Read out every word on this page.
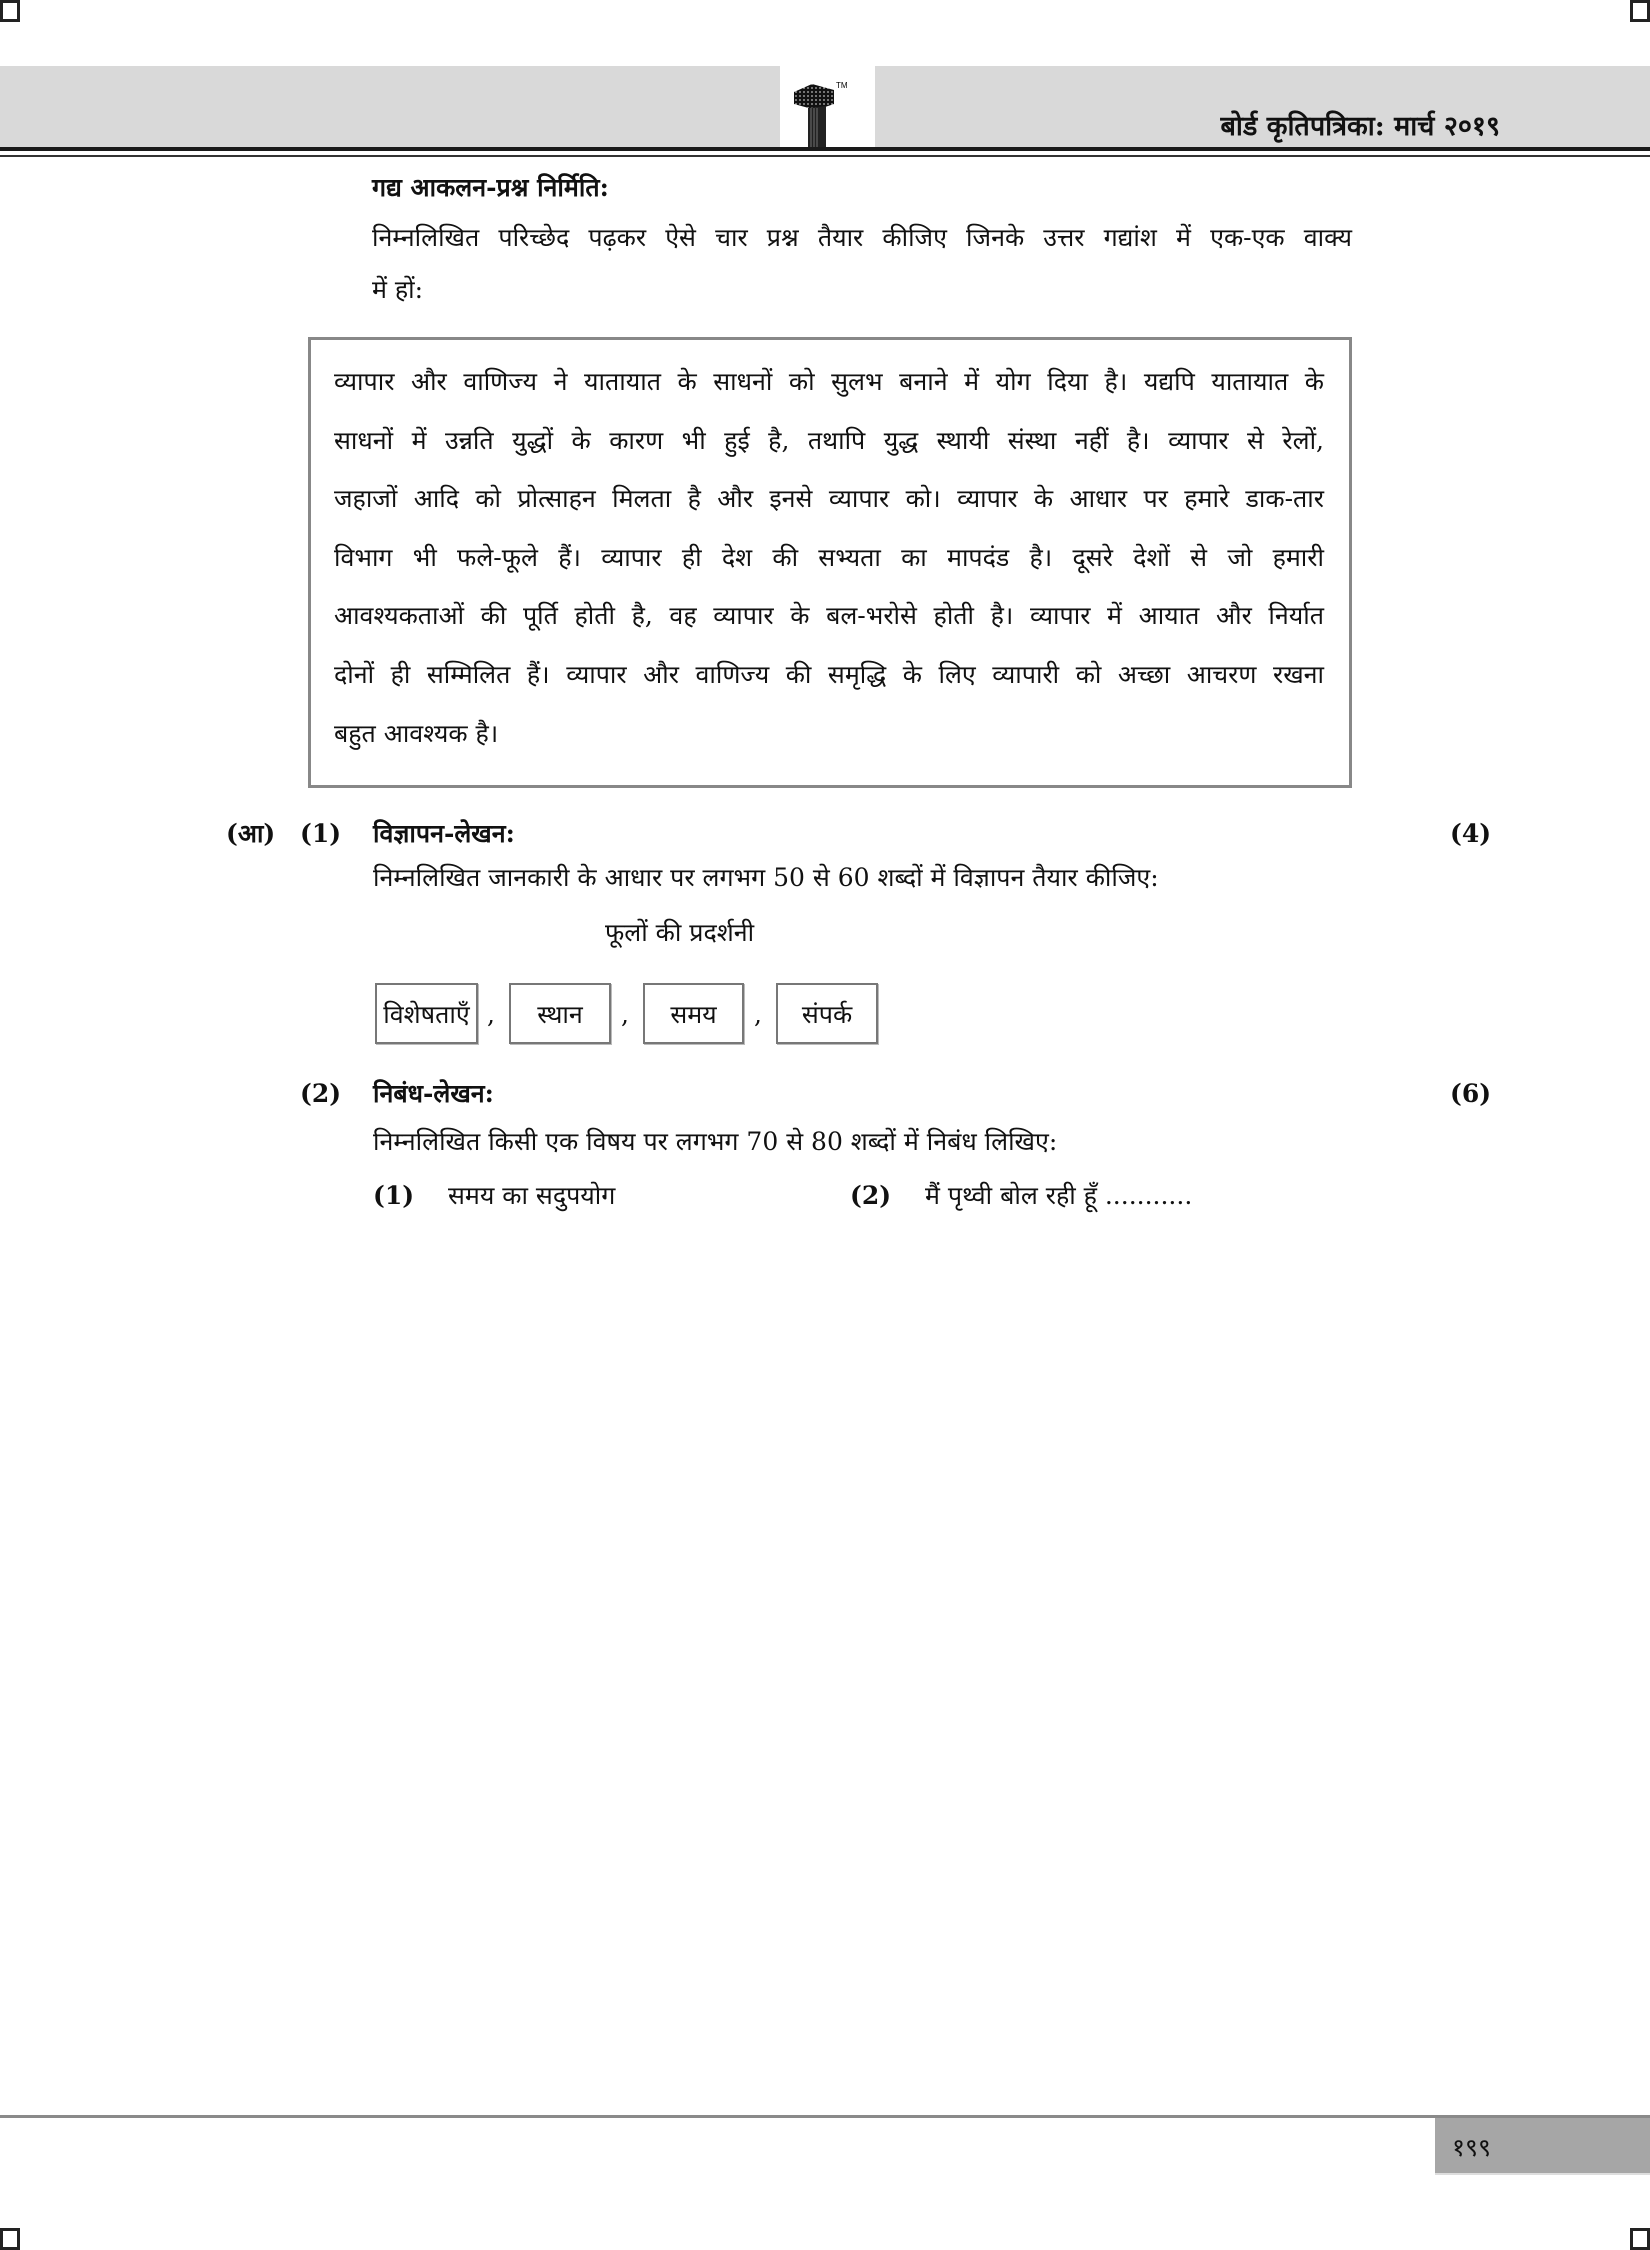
TM
बोर्ड कृतिपत्रिका: मार्च २०१९
गद्य आकलन-प्रश्न निर्मिति:
निम्नलिखित परिच्छेद पढ़कर ऐसे चार प्रश्न तैयार कीजिए जिनके उत्तर गद्यांश में एक-एक वाक्य
में हों:
व्यापार और वाणिज्य ने यातायात के साधनों को सुलभ बनाने में योग दिया है। यद्यपि यातायात के
साधनों में उन्नति युद्धों के कारण भी हुई है, तथापि युद्ध स्थायी संस्था नहीं है। व्यापार से रेलों,
जहाजों आदि को प्रोत्साहन मिलता है और इनसे व्यापार को। व्यापार के आधार पर हमारे डाक-तार
विभाग भी फले-फूले हैं। व्यापार ही देश की सभ्यता का मापदंड है। दूसरे देशों से जो हमारी
आवश्यकताओं की पूर्ति होती है, वह व्यापार के बल-भरोसे होती है। व्यापार में आयात और निर्यात
दोनों ही सम्मिलित हैं। व्यापार और वाणिज्य की समृद्धि के लिए व्यापारी को अच्छा आचरण रखना
बहुत आवश्यक है।
(आ) (1) विज्ञापन-लेखन:	(4)
निम्नलिखित जानकारी के आधार पर लगभग 50 से 60 शब्दों में विज्ञापन तैयार कीजिए:
फूलों की प्रदर्शनी
विशेषताएँ ,	स्थान	,	समय	,	संपर्क
(2) निबंध-लेखन:	(6)
निम्नलिखित किसी एक विषय पर लगभग 70 से 80 शब्दों में निबंध लिखिए:
(1) समय का सदुपयोग	(2) मैं पृथ्वी बोल रही हूँ ...........
१९९
